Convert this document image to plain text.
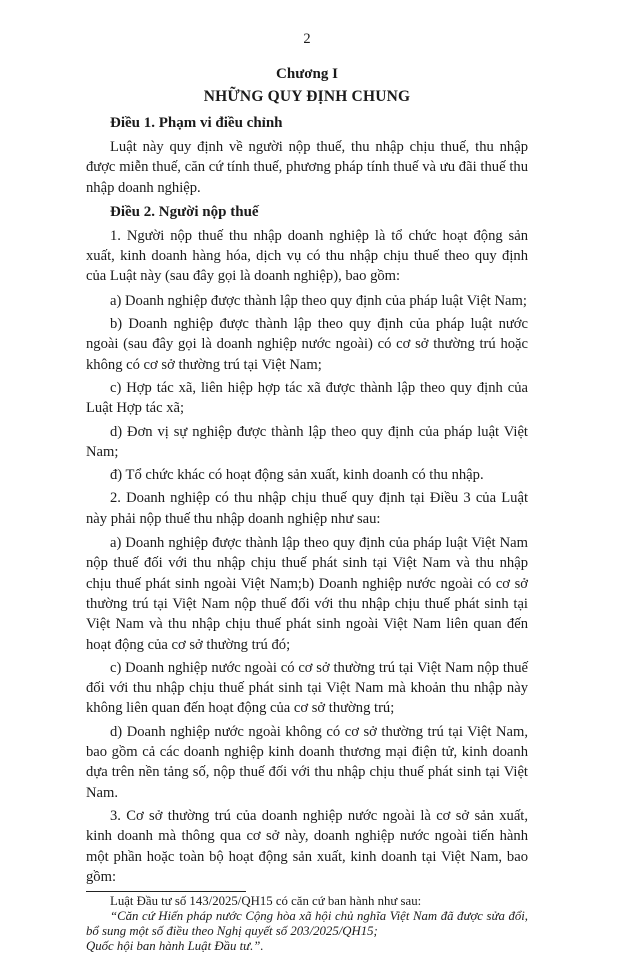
2
Chương I
NHỮNG QUY ĐỊNH CHUNG
Điều 1. Phạm vi điều chỉnh

Luật này quy định về người nộp thuế, thu nhập chịu thuế, thu nhập được miễn thuế, căn cứ tính thuế, phương pháp tính thuế và ưu đãi thuế thu nhập doanh nghiệp.

Điều 2. Người nộp thuế

1. Người nộp thuế thu nhập doanh nghiệp là tổ chức hoạt động sản xuất, kinh doanh hàng hóa, dịch vụ có thu nhập chịu thuế theo quy định của Luật này (sau đây gọi là doanh nghiệp), bao gồm:

a) Doanh nghiệp được thành lập theo quy định của pháp luật Việt Nam;

b) Doanh nghiệp được thành lập theo quy định của pháp luật nước ngoài (sau đây gọi là doanh nghiệp nước ngoài) có cơ sở thường trú hoặc không có cơ sở thường trú tại Việt Nam;

c) Hợp tác xã, liên hiệp hợp tác xã được thành lập theo quy định của Luật Hợp tác xã;

d) Đơn vị sự nghiệp được thành lập theo quy định của pháp luật Việt Nam;

đ) Tổ chức khác có hoạt động sản xuất, kinh doanh có thu nhập.

2. Doanh nghiệp có thu nhập chịu thuế quy định tại Điều 3 của Luật này phải nộp thuế thu nhập doanh nghiệp như sau:

a) Doanh nghiệp được thành lập theo quy định của pháp luật Việt Nam nộp thuế đối với thu nhập chịu thuế phát sinh tại Việt Nam và thu nhập chịu thuế phát sinh ngoài Việt Nam;b) Doanh nghiệp nước ngoài có cơ sở thường trú tại Việt Nam nộp thuế đối với thu nhập chịu thuế phát sinh tại Việt Nam và thu nhập chịu thuế phát sinh ngoài Việt Nam liên quan đến hoạt động của cơ sở thường trú đó;

c) Doanh nghiệp nước ngoài có cơ sở thường trú tại Việt Nam nộp thuế đối với thu nhập chịu thuế phát sinh tại Việt Nam mà khoản thu nhập này không liên quan đến hoạt động của cơ sở thường trú;

d) Doanh nghiệp nước ngoài không có cơ sở thường trú tại Việt Nam, bao gồm cả các doanh nghiệp kinh doanh thương mại điện tử, kinh doanh dựa trên nền tảng số, nộp thuế đối với thu nhập chịu thuế phát sinh tại Việt Nam.

3. Cơ sở thường trú của doanh nghiệp nước ngoài là cơ sở sản xuất, kinh doanh mà thông qua cơ sở này, doanh nghiệp nước ngoài tiến hành một phần hoặc toàn bộ hoạt động sản xuất, kinh doanh tại Việt Nam, bao gồm:

Luật Đầu tư số 143/2025/QH15 có căn cứ ban hành như sau:

“Căn cứ Hiến pháp nước Cộng hòa xã hội chủ nghĩa Việt Nam đã được sửa đổi, bổ sung một số điều theo Nghị quyết số 203/2025/QH15;

Quốc hội ban hành Luật Đầu tư.”.
